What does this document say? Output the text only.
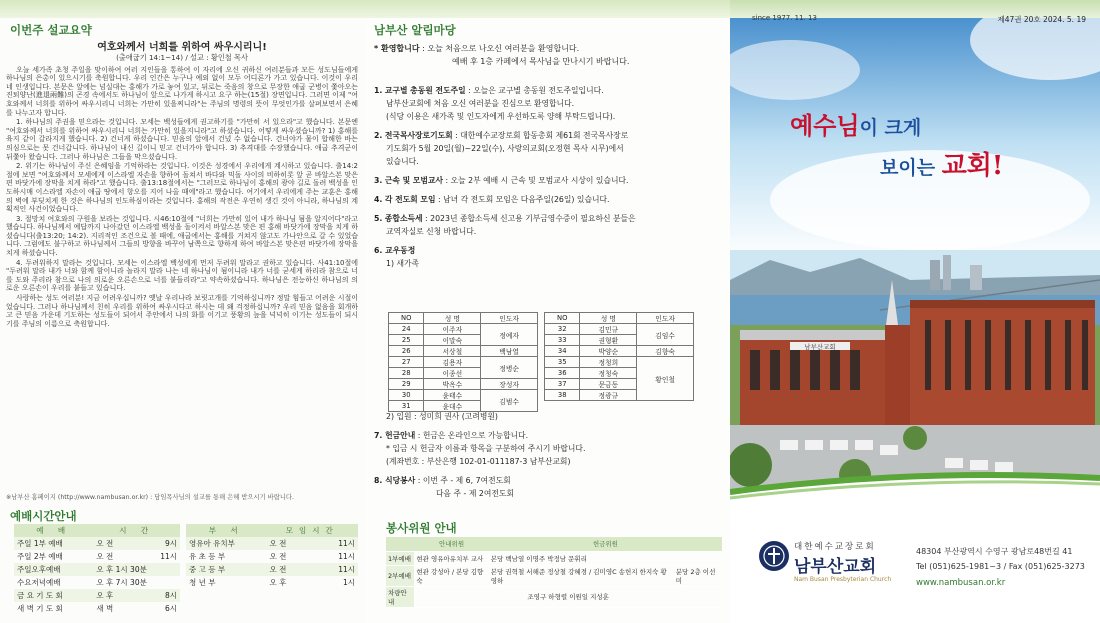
이번주 설교요약
여호와께서 너희를 위하여 싸우시리니!
(출애굽기 14:1~14) / 설교 : 황인철 목사

오늘 세가족 초청 주일을 맞이하여 여러 지인들을 통하여 이 자리에 오신 귀하신 여러분들과 모든 성도님들에게 하나님의 은총이 있으시기를 축원합니다. 우리 인간은 누구나 예외 없이 모두 어디론가 가고 있습니다. 이것이 우리네 인생입니다. 본문은 앞에는 넘실대는 홍해가 가로 놓여 있고, 뒤로는 죽음의 창으로 무장한 애굽 군병이 쫓아오는 진퇴양난(進退兩難)의 곤경 속에서도 하나님이 앞으로 나가게 하시고 요구 하는(15절) 장면입니다. 그러면 이제 "여호와께서 너희를 위하여 싸우시리니 너희는 가만히 있을찌니라"는 주님의 명령의 뜻이 무엇인가를 살펴보면서 은혜를 나누고자 합니다.

1. 하나님의 주권을 믿으라는 것입니다. 모세는 백성들에게 권고하기를 "가만히 서 있으라"고 했습니다. 본문엔 "여호와께서 너희를 위하여 싸우시리니 너희는 가만히 있을지니라"고 하셨습니다. 어떻게 싸우셨습니까? 1) 홍해를 육지 같이 갈라지게 했습니다. 2) 건너게 하셨습니다. 믿음의 앞에서 건넜 수 없습니다. 건너야가 물이 합해한 바는 의심으로는 못 건너갑니다. 하나님이 내신 길이니 믿고 건너가야 합니다. 3) 추격대를 수장했습니다. 애굽 추격군이 뒤쫓아 왔습니다. 그러나 하나님은 그들을 막으셨습니다.

2. 위기는 하나님이 주신 은혜임을 기억하라는 것입니다. 이것은 성경에서 우리에게 계시하고 있습니다. 출14:2절에 보면 "여호와께서 모세에게 이스라엘 자손을 향하여 돌쳐서 바다와 믹돌 사이의 비하히롯 앞 곧 바알스본 맞은 편 바닷가에 장막을 치게 하라"고 했습니다. 출13:18절에서는 "그러므로 하나님이 홍해의 광야 길로 돌려 백성을 인도하시매 이스라엘 자손이 애굽 땅에서 항오를 지어 나올 때에"라고 했습니다. 여기에서 우리에게 주는 교훈은 홍해의 벽에 부딪치게 한 것은 하나님의 인도하심이라는 것입니다. 홍해의 작전은 우연히 생긴 것이 아니라, 하나님의 계획적인 사건이었습니다.

3. 절망치 여호와의 구원을 보라는 것입니다. 시46:10절에 "너희는 가만히 있어 내가 하나님 됨을 알지어다"라고 했습니다. 하나님께서 예답까지 나아갔던 이스라엘 백성을 돌이켜서 바알스본 맞은 편 홍해 바닷가에 장막을 치게 하셨습니다(출13:20; 14:2). 지리적인 조건으로 볼 때에, 애굽에서는 홍해를 거쳐지 않고도 가나안으로 갈 수 있었습니다. 그럼에도 불구하고 하나님께서 그들의 방향을 바꾸어 남쪽으로 향하게 하여 바알스본 맞은편 바닷가에 장막을 치게 하셨습니다.

4. 두려워하지 말라는 것입니다. 모세는 이스라엘 백성에게 먼저 두려워 말라고 권하고 있습니다. 사41:10절에 "두려워 말라 내가 너와 함께 함이니라 놀라지 말라 나는 네 하나님이 됨이니라 내가 너를 굳세게 하리라 참으로 너를 도와 주리라 참으로 나의 의로운 오른손으로 너를 붙들리라"고 약속하셨습니다. 하나님은 전능하신 하나님의 의로운 오른손이 우리를 붙들고 있습니다.

사랑하는 성도 여러분! 지금 어려우십니까? 옛날 우리나라 보릿고개를 기억하십니까? 정말 힘들고 어려운 시절이었습니다. 그러나 하나님께서 친히 우리를 위하여 싸우시다고 하시는 데 왜 걱정하십니까? 우리 믿음 없음을 회개하고 큰 믿음 가운데 기도하는 성도들이 되어서 주안에서 나의 화를 이기고 풍황의 늪을 넉넉히 이기는 성도들이 되시기를 주님의 이름으로 축원합니다.

※남부산 홈페이지 (http://www.nambusan.or.kr) : 담임목사님의 설교를 통해 은혜 받으시기 바랍니다.
예배시간안내
예 배	시 간	
주일 1부 예배	오 전	9시
주일 2부 예배	오 전	11시
주일오후예배	오 후 1시 30분	
수요저녁예배	오 후 7시 30분	
금 요 기 도 회	오 후	8시
새 벽 기 도 회	새 벽	6시
부 서	모임시간	
영유아 유치부	오 전	11시
유 초 등 부	오 전	11시
중 고 등 부	오 전	11시
청 년 부	오 후	1시
남부산 알림마당
* 환영합니다 : 오늘 처음으로 나오신 여러분을 환영합니다.
예배 후 1층 카페에서 목사님을 만나시기 바랍니다.
1. 교구별 총동원 전도주일 : 오늘은 교구별 총동원 전도주일입니다.
남부산교회에 처음 오신 여러분을 진심으로 환영합니다.
(식당 이용은 새가족 및 인도자에게 우선하도록 양해 부탁드립니다).
2. 전국목사장로기도회 : 대한예수교장로회 합동총회 제61회 전국목사장로
기도회가 5월 20일(월)~22일(수), 사랑의교회(오정현 목사 시무)에서
있습니다.
3. 근속 및 모범교사 : 오늘 2부 예배 시 근속 및 모범교사 시상이 있습니다.
4. 각 전도회 모임 : 남녀 각 전도회 모임은 다음주일(26일) 있습니다.
5. 종합소득세 : 2023년 종합소득세 신고용 기부금영수증이 필요하신 분들은
교역자실로 신청 바랍니다.
6. 교우동정
1) 새가족
NO	성 명	인도자
24	이주자	정예자
25	이말숙	
26	서상철	백남열
27	김용자	정병순
28	이종선	
29	박옥수	장성자
30	윤태수	김범수
31	윤대수	
NO	성 명	인도자
32	김민규	김임수
33	권형환	
34	박양순	김향숙
35	정청희	황인철
36	정청숙	
37	문금동	
38	정광규	
2) 입원 : 성미희 권사 (고려병원)
7. 헌금안내 : 헌금은 온라인으로 가능합니다.
* 입금 시 헌금자 이름과 항목을 구분하여 주시기 바랍니다.
(계좌번호 : 부산은행 102-01-011187-3 남부산교회)
8. 식당봉사 : 이번 주 - 제 6, 7여전도회
다음 주 - 제 2여전도회
봉사위원 안내
	안내위원	헌금위원	
1부예배	현관 영유아유치부 교사	본당 백남열 이명주 박정남 문휘리	
2부예배	현관 강성아 / 본당 김향숙	본당 권혁철 서해준 정상철 강혜경 / 김미영C 송헌지 한지숙 황영하	분당 2층 이선미
차량안내	조영구 하형렬 이원일 지성훈		
since 1977. 11. 13	제47권 20호 2024. 5. 19
예수님이 크게
보이는 교회!
남부산교회
대한예수교장로회
남부산교회
Nam Busan Presbyterian Church
48304 부산광역시 수영구 광남로48번길 41
Tel (051)625-1981~3 / Fax (051)625-3273
www.nambusan.or.kr
